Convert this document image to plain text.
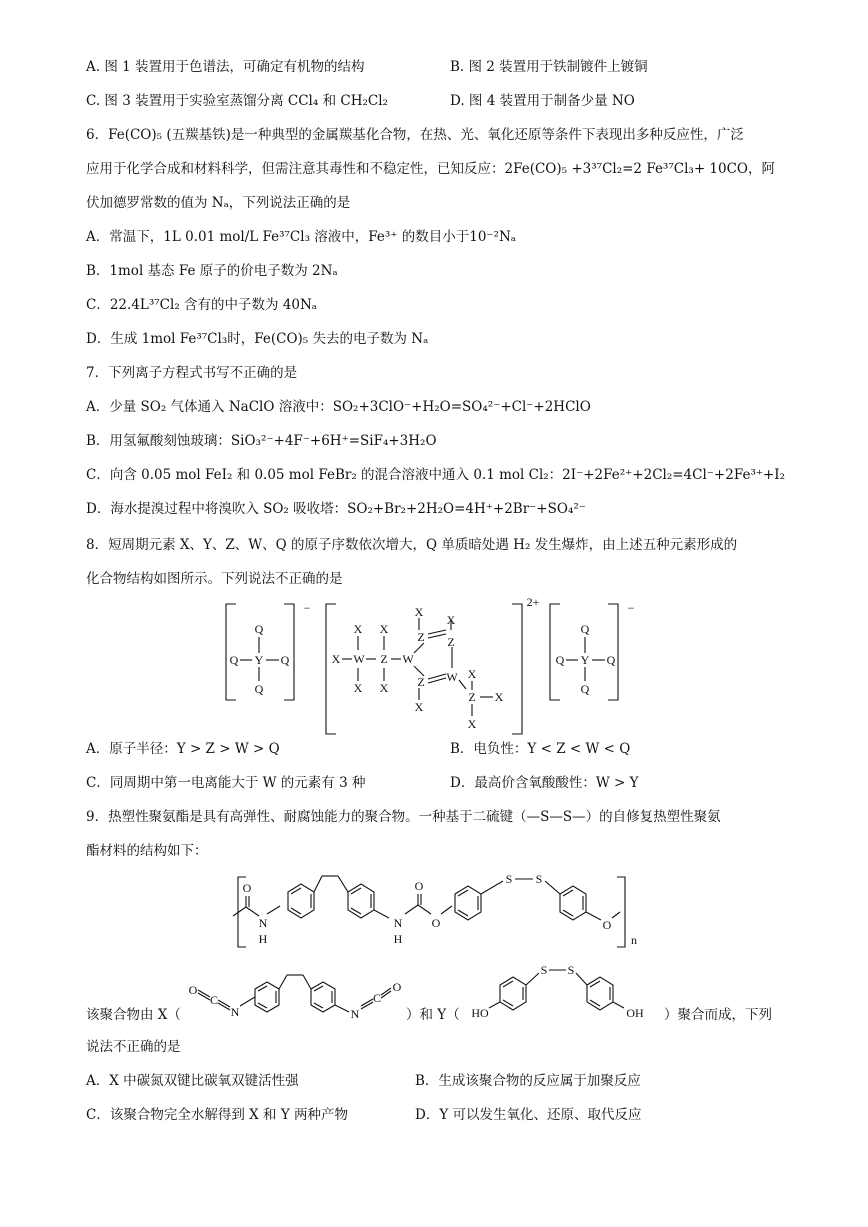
A. 图 1 装置用于色谱法，可确定有机物的结构	B. 图 2 装置用于铁制镀件上镀铜
C. 图 3 装置用于实验室蒸馏分离 CCl₄ 和 CH₂Cl₂	D. 图 4 装置用于制备少量 NO
6．Fe(CO)₅ (五羰基铁)是一种典型的金属羰基化合物，在热、光、氧化还原等条件下表现出多种反应性，广泛
应用于化学合成和材料科学，但需注意其毒性和不稳定性，已知反应：2Fe(CO)₅ +3³⁷Cl₂=2 Fe³⁷Cl₃+ 10CO，阿
伏加德罗常数的值为 Nₐ，下列说法正确的是
A．常温下，1L 0.01 mol/L Fe³⁷Cl₃ 溶液中，Fe³⁺ 的数目小于10⁻²Nₐ
B．1mol 基态 Fe 原子的价电子数为 2Nₐ
C．22.4L³⁷Cl₂ 含有的中子数为 40Nₐ
D．生成 1mol Fe³⁷Cl₃时，Fe(CO)₅ 失去的电子数为 Nₐ
7．下列离子方程式书写不正确的是
A．少量 SO₂ 气体通入 NaClO 溶液中：SO₂+3ClO⁻+H₂O=SO₄²⁻+Cl⁻+2HClO
B．用氢氟酸刻蚀玻璃：SiO₃²⁻+4F⁻+6H⁺=SiF₄+3H₂O
C．向含 0.05 mol FeI₂ 和 0.05 mol FeBr₂ 的混合溶液中通入 0.1 mol Cl₂：2I⁻+2Fe²⁺+2Cl₂=4Cl⁻+2Fe³⁺+I₂
D．海水提溴过程中将溴吹入 SO₂ 吸收塔：SO₂+Br₂+2H₂O=4H⁺+2Br⁻+SO₄²⁻
8．短周期元素 X、Y、Z、W、Q 的原子序数依次增大，Q 单质暗处遇 H₂ 发生爆炸，由上述五种元素形成的
化合物结构如图所示。下列说法不正确的是
Q
Q Y Q
Q
Q
Q Y Q
Q
X W Z W
X X
X X
X
X
Z Z
Z W
X
X
Z X
X
−	2+	−
O
N
H
N
H
O
O
S S
O
n
O
C
N	N
C
O
HO
S S
OH
A．原子半径：Y > Z > W > Q	B．电负性：Y < Z < W < Q
C．同周期中第一电离能大于 W 的元素有 3 种	D．最高价含氧酸酸性：W > Y
9．热塑性聚氨酯是具有高弹性、耐腐蚀能力的聚合物。一种基于二硫键（—S—S—）的自修复热塑性聚氨
酯材料的结构如下：
该聚合物由 X（	）和 Y（	）聚合而成，下列
说法不正确的是
A．X 中碳氮双键比碳氧双键活性强	B．生成该聚合物的反应属于加聚反应
C．该聚合物完全水解得到 X 和 Y 两种产物	D．Y 可以发生氧化、还原、取代反应
